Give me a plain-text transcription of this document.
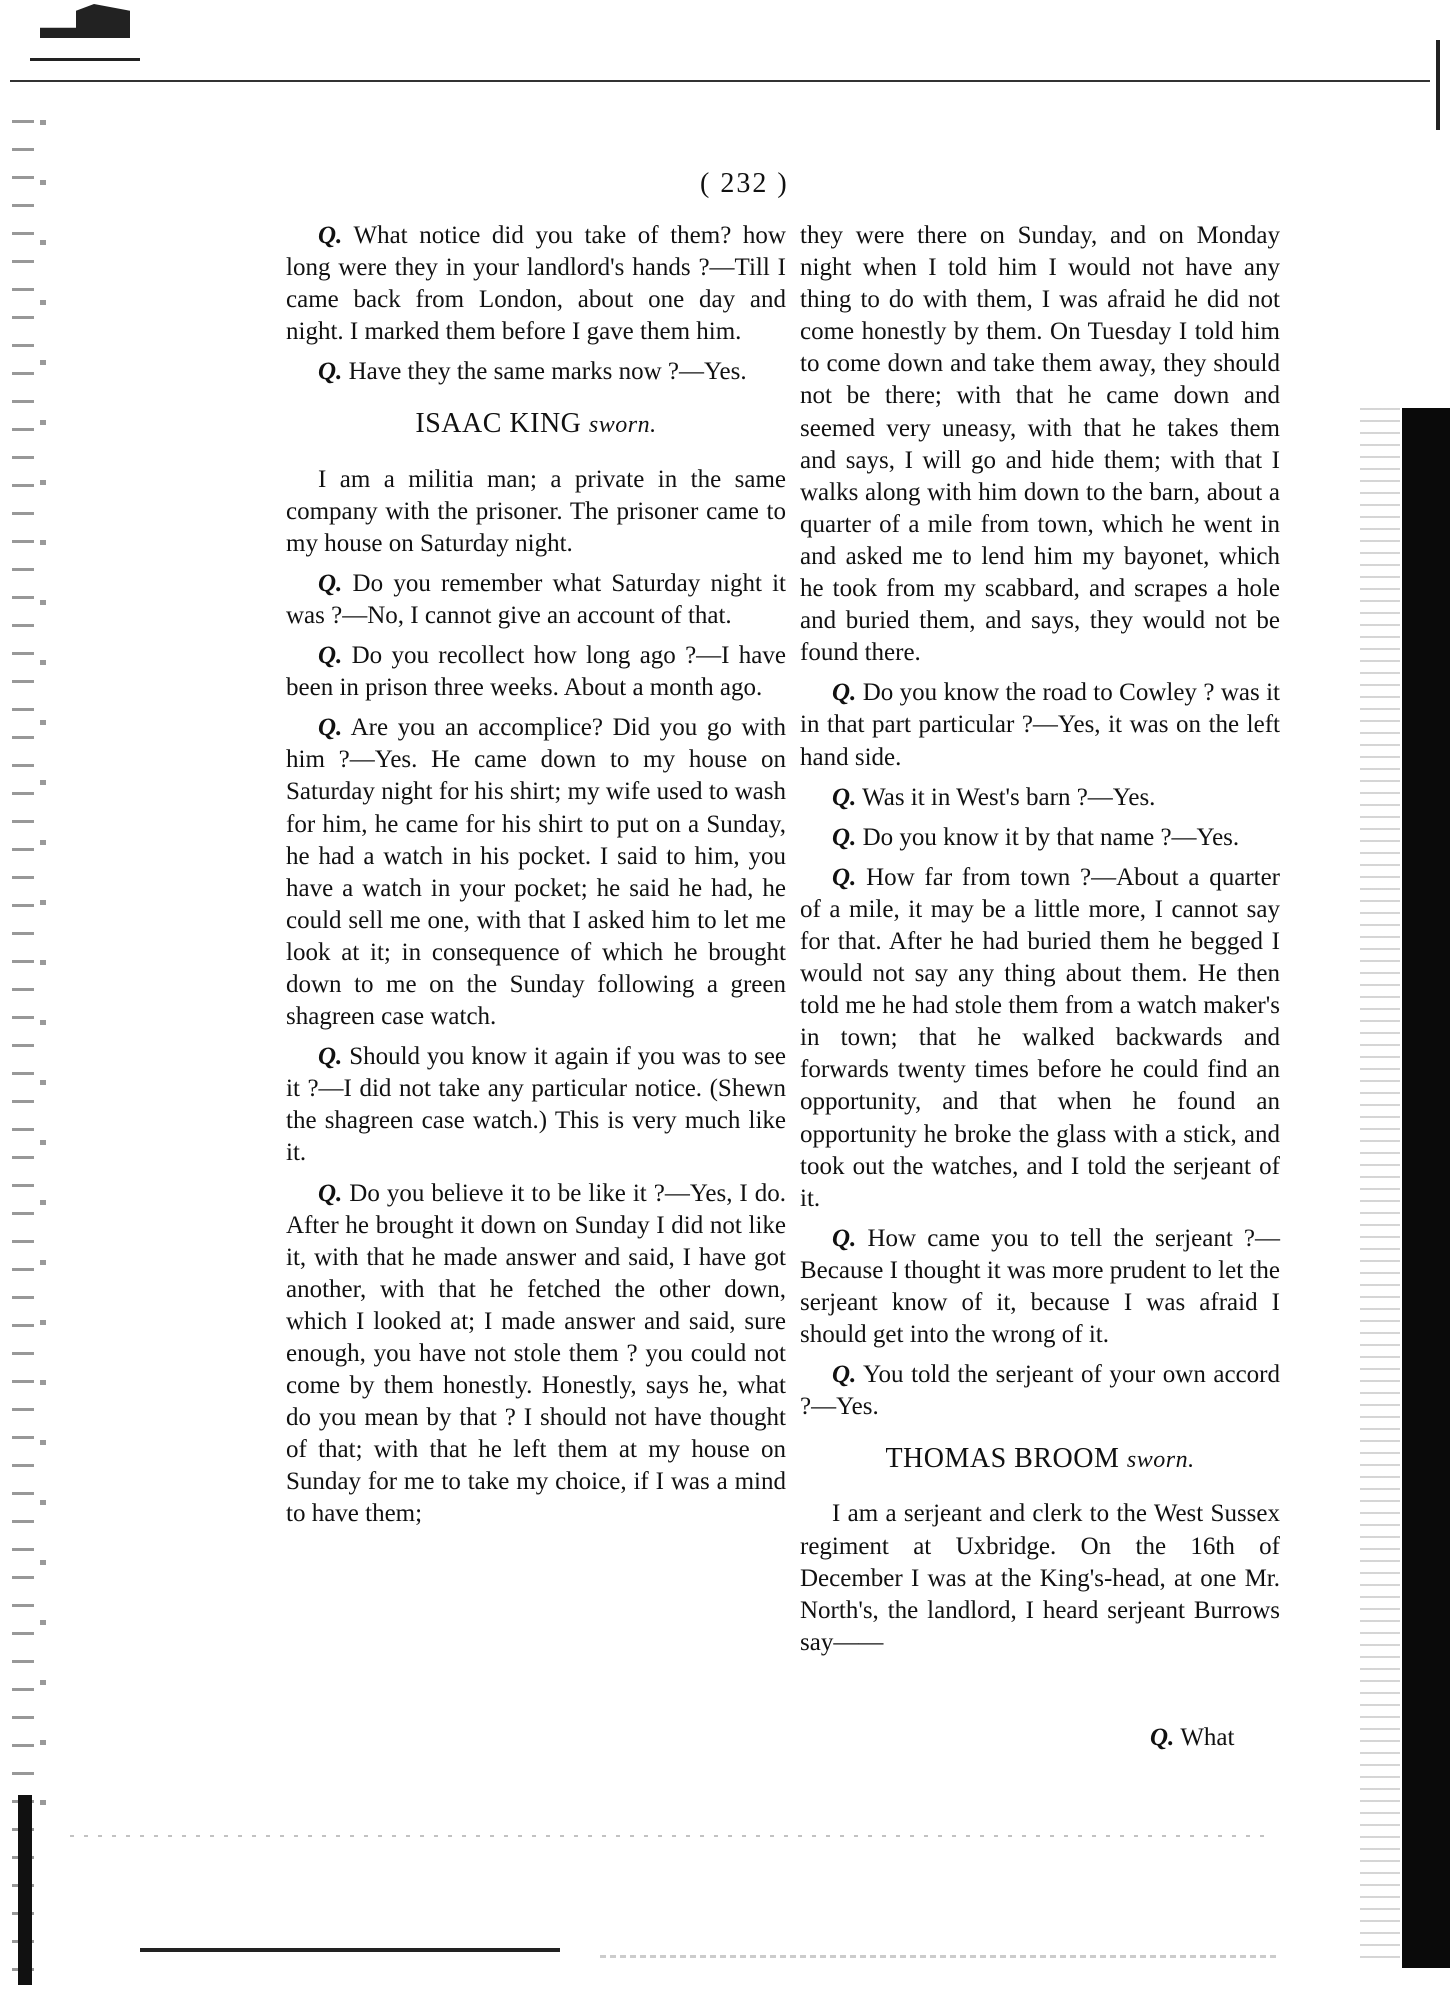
( 232 )

Q. What notice did you take of them? how long were they in your landlord's hands ?—Till I came back from London, about one day and night. I marked them before I gave them him.

Q. Have they the same marks now ?—Yes.

ISAAC KING sworn.

I am a militia man; a private in the same company with the prisoner. The prisoner came to my house on Saturday night.

Q. Do you remember what Saturday night it was ?—No, I cannot give an account of that.

Q. Do you recollect how long ago ?—I have been in prison three weeks. About a month ago.

Q. Are you an accomplice? Did you go with him ?—Yes. He came down to my house on Saturday night for his shirt; my wife used to wash for him, he came for his shirt to put on a Sunday, he had a watch in his pocket. I said to him, you have a watch in your pocket; he said he had, he could sell me one, with that I asked him to let me look at it; in consequence of which he brought down to me on the Sunday following a green shagreen case watch.

Q. Should you know it again if you was to see it ?—I did not take any particular notice. (Shewn the shagreen case watch.) This is very much like it.

Q. Do you believe it to be like it ?—Yes, I do. After he brought it down on Sunday I did not like it, with that he made answer and said, I have got another, with that he fetched the other down, which I looked at; I made answer and said, sure enough, you have not stole them ? you could not come by them honestly. Honestly, says he, what do you mean by that ? I should not have thought of that; with that he left them at my house on Sunday for me to take my choice, if I was a mind to have them;

they were there on Sunday, and on Monday night when I told him I would not have any thing to do with them, I was afraid he did not come honestly by them. On Tuesday I told him to come down and take them away, they should not be there; with that he came down and seemed very uneasy, with that he takes them and says, I will go and hide them; with that I walks along with him down to the barn, about a quarter of a mile from town, which he went in and asked me to lend him my bayonet, which he took from my scabbard, and scrapes a hole and buried them, and says, they would not be found there.

Q. Do you know the road to Cowley ? was it in that part particular ?—Yes, it was on the left hand side.

Q. Was it in West's barn ?—Yes.

Q. Do you know it by that name ?—Yes.

Q. How far from town ?—About a quarter of a mile, it may be a little more, I cannot say for that. After he had buried them he begged I would not say any thing about them. He then told me he had stole them from a watch maker's in town; that he walked backwards and forwards twenty times before he could find an opportunity, and that when he found an opportunity he broke the glass with a stick, and took out the watches, and I told the serjeant of it.

Q. How came you to tell the serjeant ?—Because I thought it was more prudent to let the serjeant know of it, because I was afraid I should get into the wrong of it.

Q. You told the serjeant of your own accord ?—Yes.

THOMAS BROOM sworn.

I am a serjeant and clerk to the West Sussex regiment at Uxbridge. On the 16th of December I was at the King's-head, at one Mr. North's, the landlord, I heard serjeant Burrows say——

Q. What
